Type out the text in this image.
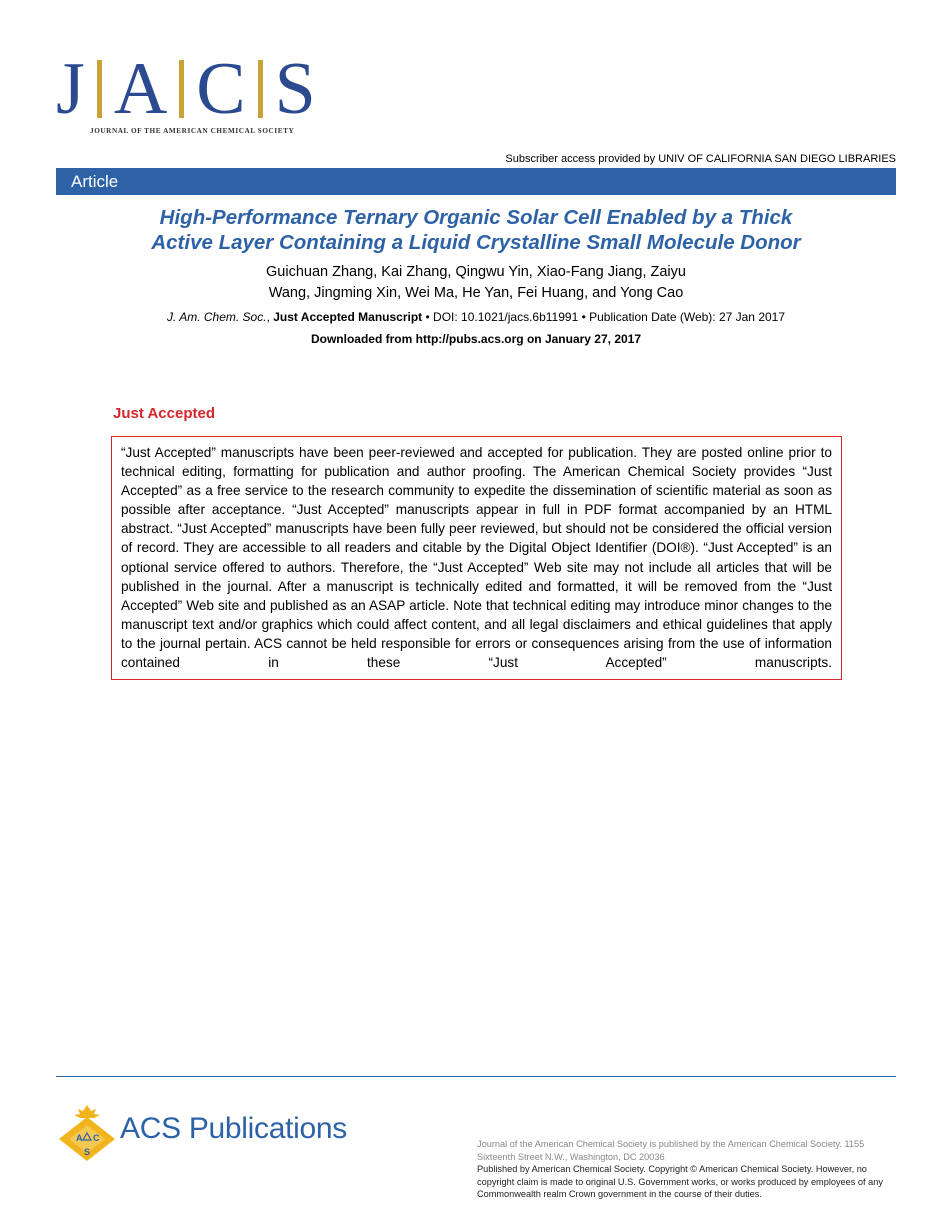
J A C S
JOURNAL OF THE AMERICAN CHEMICAL SOCIETY
Subscriber access provided by UNIV OF CALIFORNIA SAN DIEGO LIBRARIES
Article
High-Performance Ternary Organic Solar Cell Enabled by a Thick
Active Layer Containing a Liquid Crystalline Small Molecule Donor
Guichuan Zhang, Kai Zhang, Qingwu Yin, Xiao-Fang Jiang, Zaiyu
Wang, Jingming Xin, Wei Ma, He Yan, Fei Huang, and Yong Cao
J. Am. Chem. Soc., Just Accepted Manuscript • DOI: 10.1021/jacs.6b11991 • Publication Date (Web): 27 Jan 2017
Downloaded from http://pubs.acs.org on January 27, 2017
Just Accepted
“Just Accepted” manuscripts have been peer-reviewed and accepted for publication. They are posted online prior to technical editing, formatting for publication and author proofing. The American Chemical Society provides “Just Accepted” as a free service to the research community to expedite the dissemination of scientific material as soon as possible after acceptance. “Just Accepted” manuscripts appear in full in PDF format accompanied by an HTML abstract. “Just Accepted” manuscripts have been fully peer reviewed, but should not be considered the official version of record. They are accessible to all readers and citable by the Digital Object Identifier (DOI®). “Just Accepted” is an optional service offered to authors. Therefore, the “Just Accepted” Web site may not include all articles that will be published in the journal. After a manuscript is technically edited and formatted, it will be removed from the “Just Accepted” Web site and published as an ASAP article. Note that technical editing may introduce minor changes to the manuscript text and/or graphics which could affect content, and all legal disclaimers and ethical guidelines that apply to the journal pertain. ACS cannot be held responsible for errors or consequences arising from the use of information contained in these “Just Accepted” manuscripts.
A C
S
ACS Publications	Journal of the American Chemical Society is published by the American Chemical Society. 1155 Sixteenth Street N.W., Washington, DC 20036
Published by American Chemical Society. Copyright © American Chemical Society. However, no copyright claim is made to original U.S. Government works, or works produced by employees of any Commonwealth realm Crown government in the course of their duties.
